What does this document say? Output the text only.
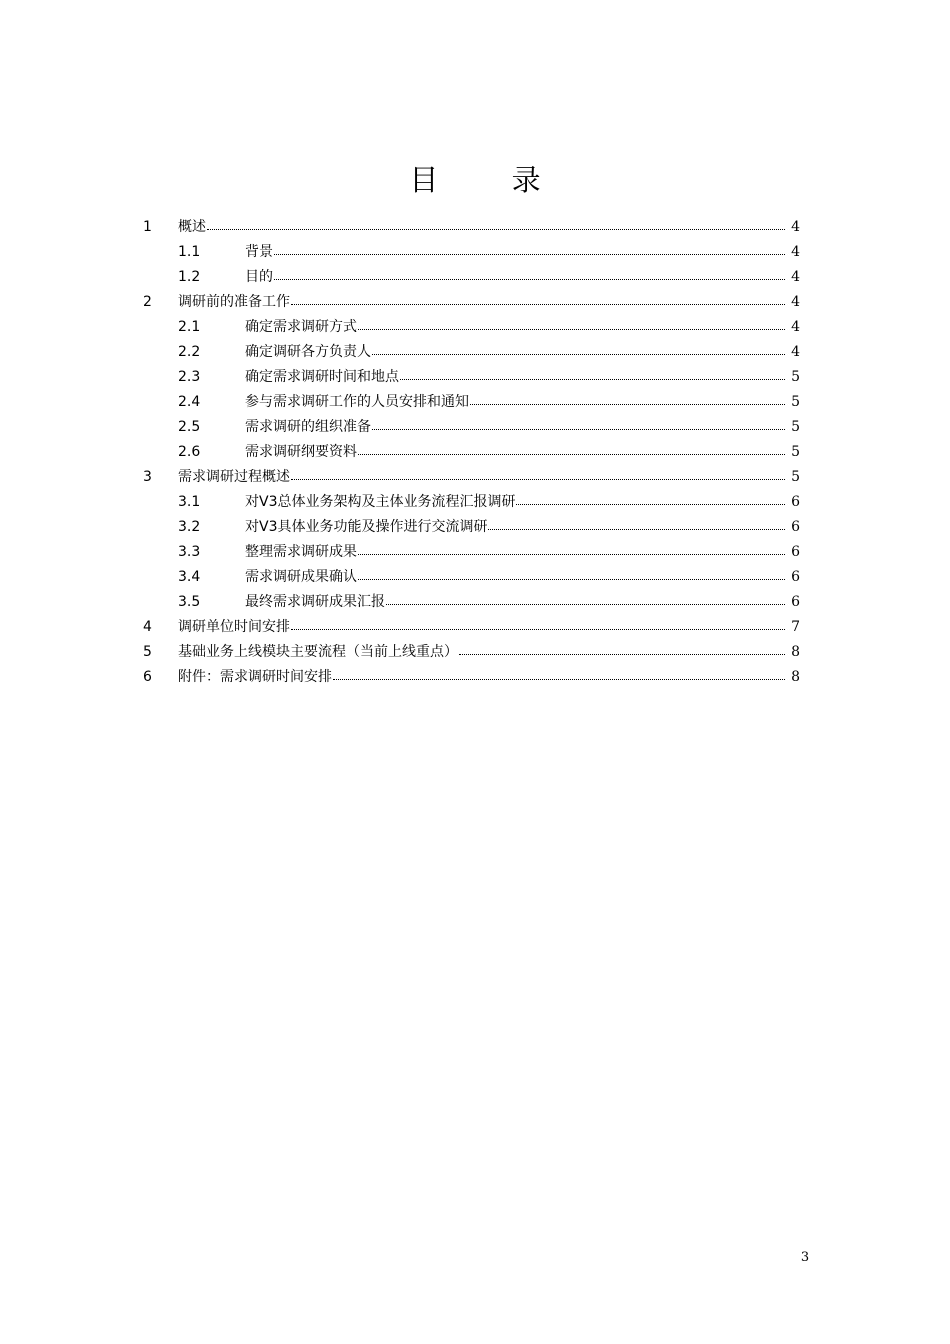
目 录
1 概述	4
1.1	背景	4
1.2	目的	4
2 调研前的准备工作	4
2.1	确定需求调研方式	4
2.2	确定调研各方负责人	4
2.3	确定需求调研时间和地点	5
2.4	参与需求调研工作的人员安排和通知	5
2.5	需求调研的组织准备	5
2.6	需求调研纲要资料	5
3 需求调研过程概述	5
3.1	对V3总体业务架构及主体业务流程汇报调研	6
3.2	对V3具体业务功能及操作进行交流调研	6
3.3	整理需求调研成果	6
3.4	需求调研成果确认	6
3.5	最终需求调研成果汇报	6
4 调研单位时间安排	7
5 基础业务上线模块主要流程（当前上线重点）	8
6 附件：需求调研时间安排	8
3
